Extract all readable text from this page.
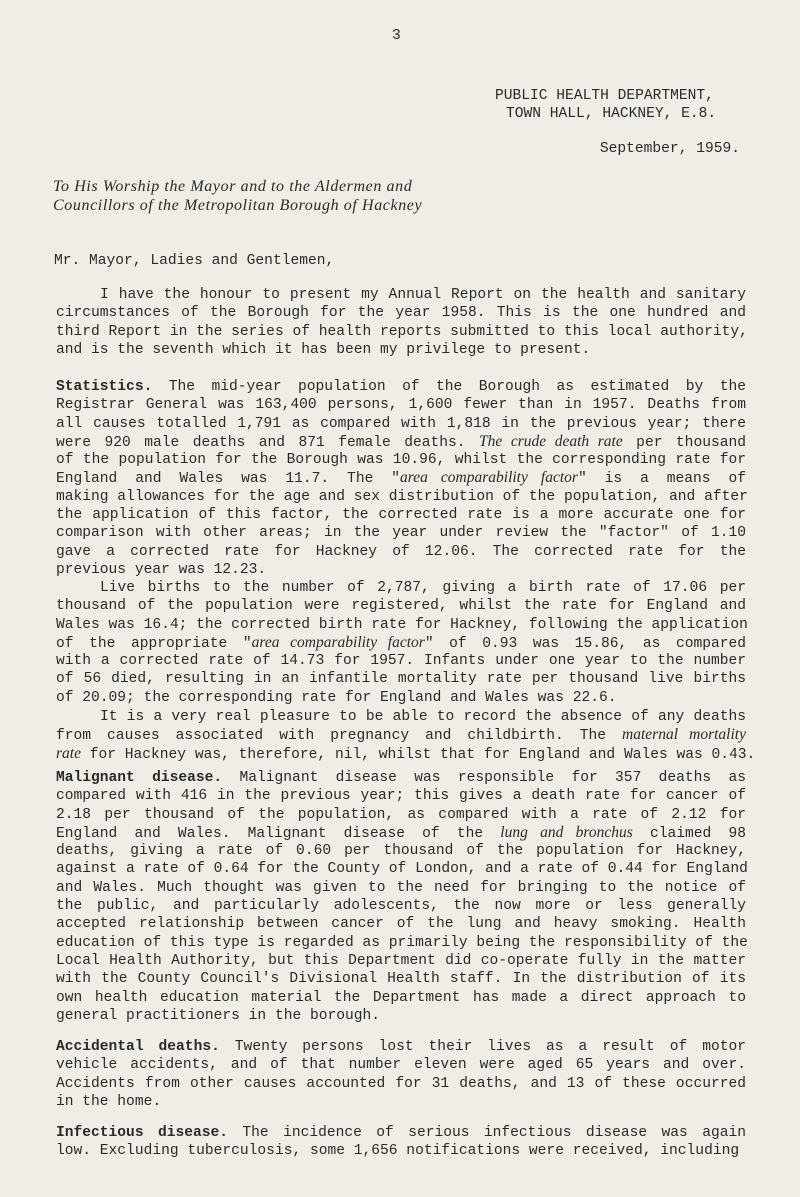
3
PUBLIC HEALTH DEPARTMENT,
TOWN HALL, HACKNEY, E.8.
September, 1959.
To His Worship the Mayor and to the Aldermen and
Councillors of the Metropolitan Borough of Hackney
Mr. Mayor, Ladies and Gentlemen,
I have the honour to present my Annual Report on the health and sanitary
circumstances of the Borough for the year 1958. This is the one hundred and
third Report in the series of health reports submitted to this local authority,
and is the seventh which it has been my privilege to present.
Statistics. The mid-year population of the Borough as estimated by the
Registrar General was 163,400 persons, 1,600 fewer than in 1957. Deaths from
all causes totalled 1,791 as compared with 1,818 in the previous year; there
were 920 male deaths and 871 female deaths. The crude death rate per thousand
of the population for the Borough was 10.96, whilst the corresponding rate for
England and Wales was 11.7. The "area comparability factor" is a means of
making allowances for the age and sex distribution of the population, and after
the application of this factor, the corrected rate is a more accurate one for
comparison with other areas; in the year under review the "factor" of 1.10
gave a corrected rate for Hackney of 12.06. The corrected rate for the
previous year was 12.23.
Live births to the number of 2,787, giving a birth rate of 17.06 per
thousand of the population were registered, whilst the rate for England and
Wales was 16.4; the corrected birth rate for Hackney, following the application
of the appropriate "area comparability factor" of 0.93 was 15.86, as compared
with a corrected rate of 14.73 for 1957. Infants under one year to the number
of 56 died, resulting in an infantile mortality rate per thousand live births
of 20.09; the corresponding rate for England and Wales was 22.6.
It is a very real pleasure to be able to record the absence of any deaths
from causes associated with pregnancy and childbirth. The maternal mortality
rate for Hackney was, therefore, nil, whilst that for England and Wales was 0.43.
Malignant disease. Malignant disease was responsible for 357 deaths as
compared with 416 in the previous year; this gives a death rate for cancer of
2.18 per thousand of the population, as compared with a rate of 2.12 for
England and Wales. Malignant disease of the lung and bronchus claimed 98
deaths, giving a rate of 0.60 per thousand of the population for Hackney,
against a rate of 0.64 for the County of London, and a rate of 0.44 for England
and Wales. Much thought was given to the need for bringing to the notice of
the public, and particularly adolescents, the now more or less generally
accepted relationship between cancer of the lung and heavy smoking. Health
education of this type is regarded as primarily being the responsibility of the
Local Health Authority, but this Department did co-operate fully in the matter
with the County Council's Divisional Health staff. In the distribution of its
own health education material the Department has made a direct approach to
general practitioners in the borough.
Accidental deaths. Twenty persons lost their lives as a result of motor
vehicle accidents, and of that number eleven were aged 65 years and over.
Accidents from other causes accounted for 31 deaths, and 13 of these occurred
in the home.
Infectious disease. The incidence of serious infectious disease was again
low. Excluding tuberculosis, some 1,656 notifications were received, including
